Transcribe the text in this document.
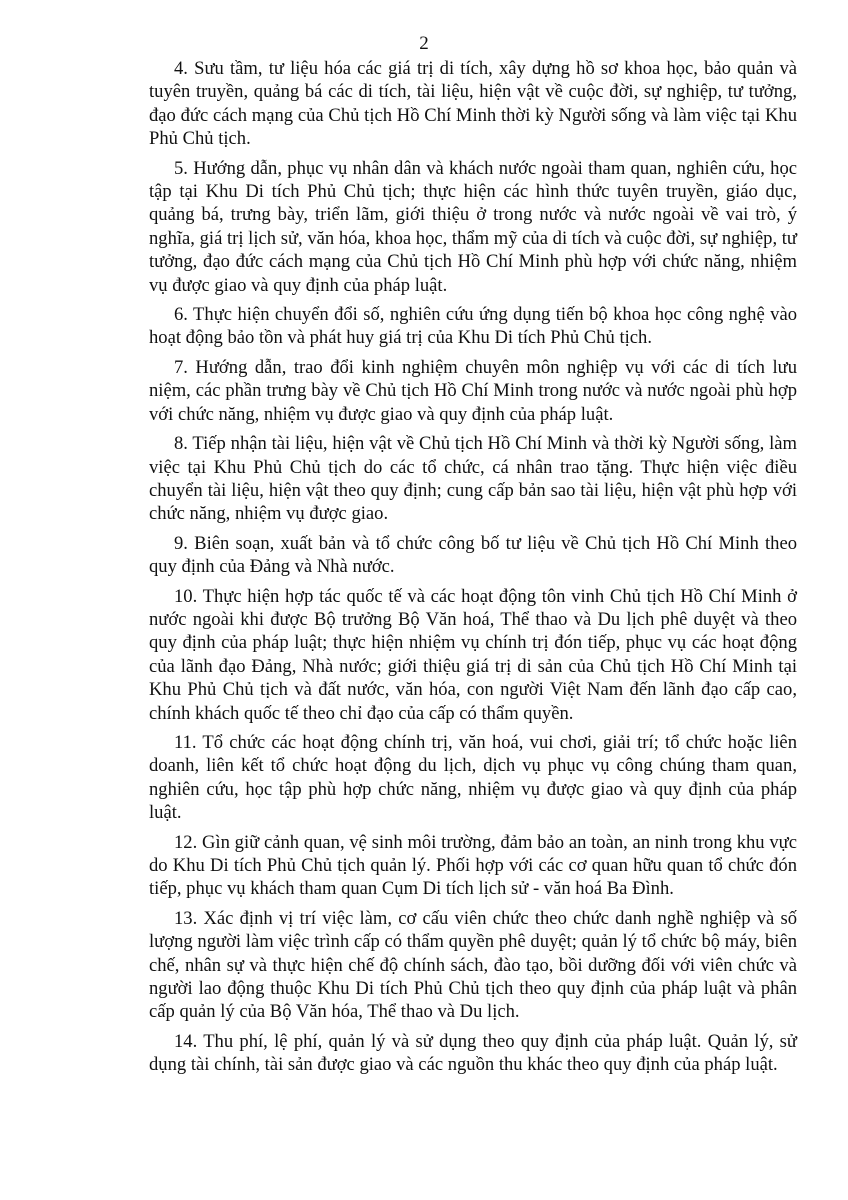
2

4. Sưu tầm, tư liệu hóa các giá trị di tích, xây dựng hồ sơ khoa học, bảo quản và tuyên truyền, quảng bá các di tích, tài liệu, hiện vật về cuộc đời, sự nghiệp, tư tưởng, đạo đức cách mạng của Chủ tịch Hồ Chí Minh thời kỳ Người sống và làm việc tại Khu Phủ Chủ tịch.

5. Hướng dẫn, phục vụ nhân dân và khách nước ngoài tham quan, nghiên cứu, học tập tại Khu Di tích Phủ Chủ tịch; thực hiện các hình thức tuyên truyền, giáo dục, quảng bá, trưng bày, triển lãm, giới thiệu ở trong nước và nước ngoài về vai trò, ý nghĩa, giá trị lịch sử, văn hóa, khoa học, thẩm mỹ của di tích và cuộc đời, sự nghiệp, tư tưởng, đạo đức cách mạng của Chủ tịch Hồ Chí Minh phù hợp với chức năng, nhiệm vụ được giao và quy định của pháp luật.

6. Thực hiện chuyển đổi số, nghiên cứu ứng dụng tiến bộ khoa học công nghệ vào hoạt động bảo tồn và phát huy giá trị của Khu Di tích Phủ Chủ tịch.

7. Hướng dẫn, trao đổi kinh nghiệm chuyên môn nghiệp vụ với các di tích lưu niệm, các phần trưng bày về Chủ tịch Hồ Chí Minh trong nước và nước ngoài phù hợp với chức năng, nhiệm vụ được giao và quy định của pháp luật.

8. Tiếp nhận tài liệu, hiện vật về Chủ tịch Hồ Chí Minh và thời kỳ Người sống, làm việc tại Khu Phủ Chủ tịch do các tổ chức, cá nhân trao tặng. Thực hiện việc điều chuyển tài liệu, hiện vật theo quy định; cung cấp bản sao tài liệu, hiện vật phù hợp với chức năng, nhiệm vụ được giao.

9. Biên soạn, xuất bản và tổ chức công bố tư liệu về Chủ tịch Hồ Chí Minh theo quy định của Đảng và Nhà nước.

10. Thực hiện hợp tác quốc tế và các hoạt động tôn vinh Chủ tịch Hồ Chí Minh ở nước ngoài khi được Bộ trưởng Bộ Văn hoá, Thể thao và Du lịch phê duyệt và theo quy định của pháp luật; thực hiện nhiệm vụ chính trị đón tiếp, phục vụ các hoạt động của lãnh đạo Đảng, Nhà nước; giới thiệu giá trị di sản của Chủ tịch Hồ Chí Minh tại Khu Phủ Chủ tịch và đất nước, văn hóa, con người Việt Nam đến lãnh đạo cấp cao, chính khách quốc tế theo chỉ đạo của cấp có thẩm quyền.

11. Tổ chức các hoạt động chính trị, văn hoá, vui chơi, giải trí; tổ chức hoặc liên doanh, liên kết tổ chức hoạt động du lịch, dịch vụ phục vụ công chúng tham quan, nghiên cứu, học tập phù hợp chức năng, nhiệm vụ được giao và quy định của pháp luật.

12. Gìn giữ cảnh quan, vệ sinh môi trường, đảm bảo an toàn, an ninh trong khu vực do Khu Di tích Phủ Chủ tịch quản lý. Phối hợp với các cơ quan hữu quan tổ chức đón tiếp, phục vụ khách tham quan Cụm Di tích lịch sử - văn hoá Ba Đình.

13. Xác định vị trí việc làm, cơ cấu viên chức theo chức danh nghề nghiệp và số lượng người làm việc trình cấp có thẩm quyền phê duyệt; quản lý tổ chức bộ máy, biên chế, nhân sự và thực hiện chế độ chính sách, đào tạo, bồi dưỡng đối với viên chức và người lao động thuộc Khu Di tích Phủ Chủ tịch theo quy định của pháp luật và phân cấp quản lý của Bộ Văn hóa, Thể thao và Du lịch.

14. Thu phí, lệ phí, quản lý và sử dụng theo quy định của pháp luật. Quản lý, sử dụng tài chính, tài sản được giao và các nguồn thu khác theo quy định của pháp luật.
